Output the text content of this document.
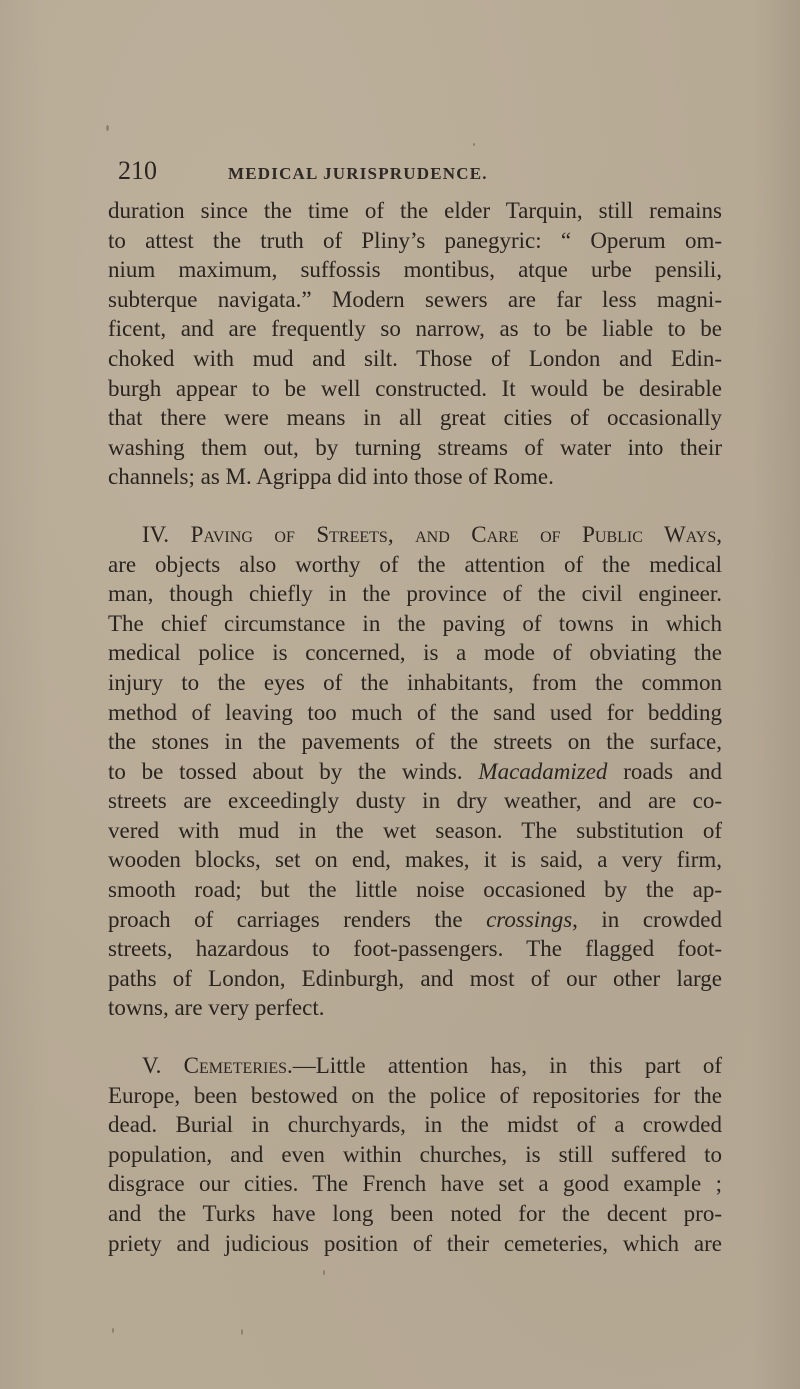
210	MEDICAL JURISPRUDENCE.
duration since the time of the elder Tarquin, still remains
to attest the truth of Pliny’s panegyric: “ Operum om-
nium maximum, suffossis montibus, atque urbe pensili,
subterque navigata.” Modern sewers are far less magni-
ficent, and are frequently so narrow, as to be liable to be
choked with mud and silt. Those of London and Edin-
burgh appear to be well constructed. It would be desirable
that there were means in all great cities of occasionally
washing them out, by turning streams of water into their
channels; as M. Agrippa did into those of Rome.
IV. Paving of Streets, and Care of Public Ways,
are objects also worthy of the attention of the medical
man, though chiefly in the province of the civil engineer.
The chief circumstance in the paving of towns in which
medical police is concerned, is a mode of obviating the
injury to the eyes of the inhabitants, from the common
method of leaving too much of the sand used for bedding
the stones in the pavements of the streets on the surface,
to be tossed about by the winds. Macadamized roads and
streets are exceedingly dusty in dry weather, and are co-
vered with mud in the wet season. The substitution of
wooden blocks, set on end, makes, it is said, a very firm,
smooth road; but the little noise occasioned by the ap-
proach of carriages renders the crossings, in crowded
streets, hazardous to foot-passengers. The flagged foot-
paths of London, Edinburgh, and most of our other large
towns, are very perfect.
V. Cemeteries.—Little attention has, in this part of
Europe, been bestowed on the police of repositories for the
dead. Burial in churchyards, in the midst of a crowded
population, and even within churches, is still suffered to
disgrace our cities. The French have set a good example ;
and the Turks have long been noted for the decent pro-
priety and judicious position of their cemeteries, which are
